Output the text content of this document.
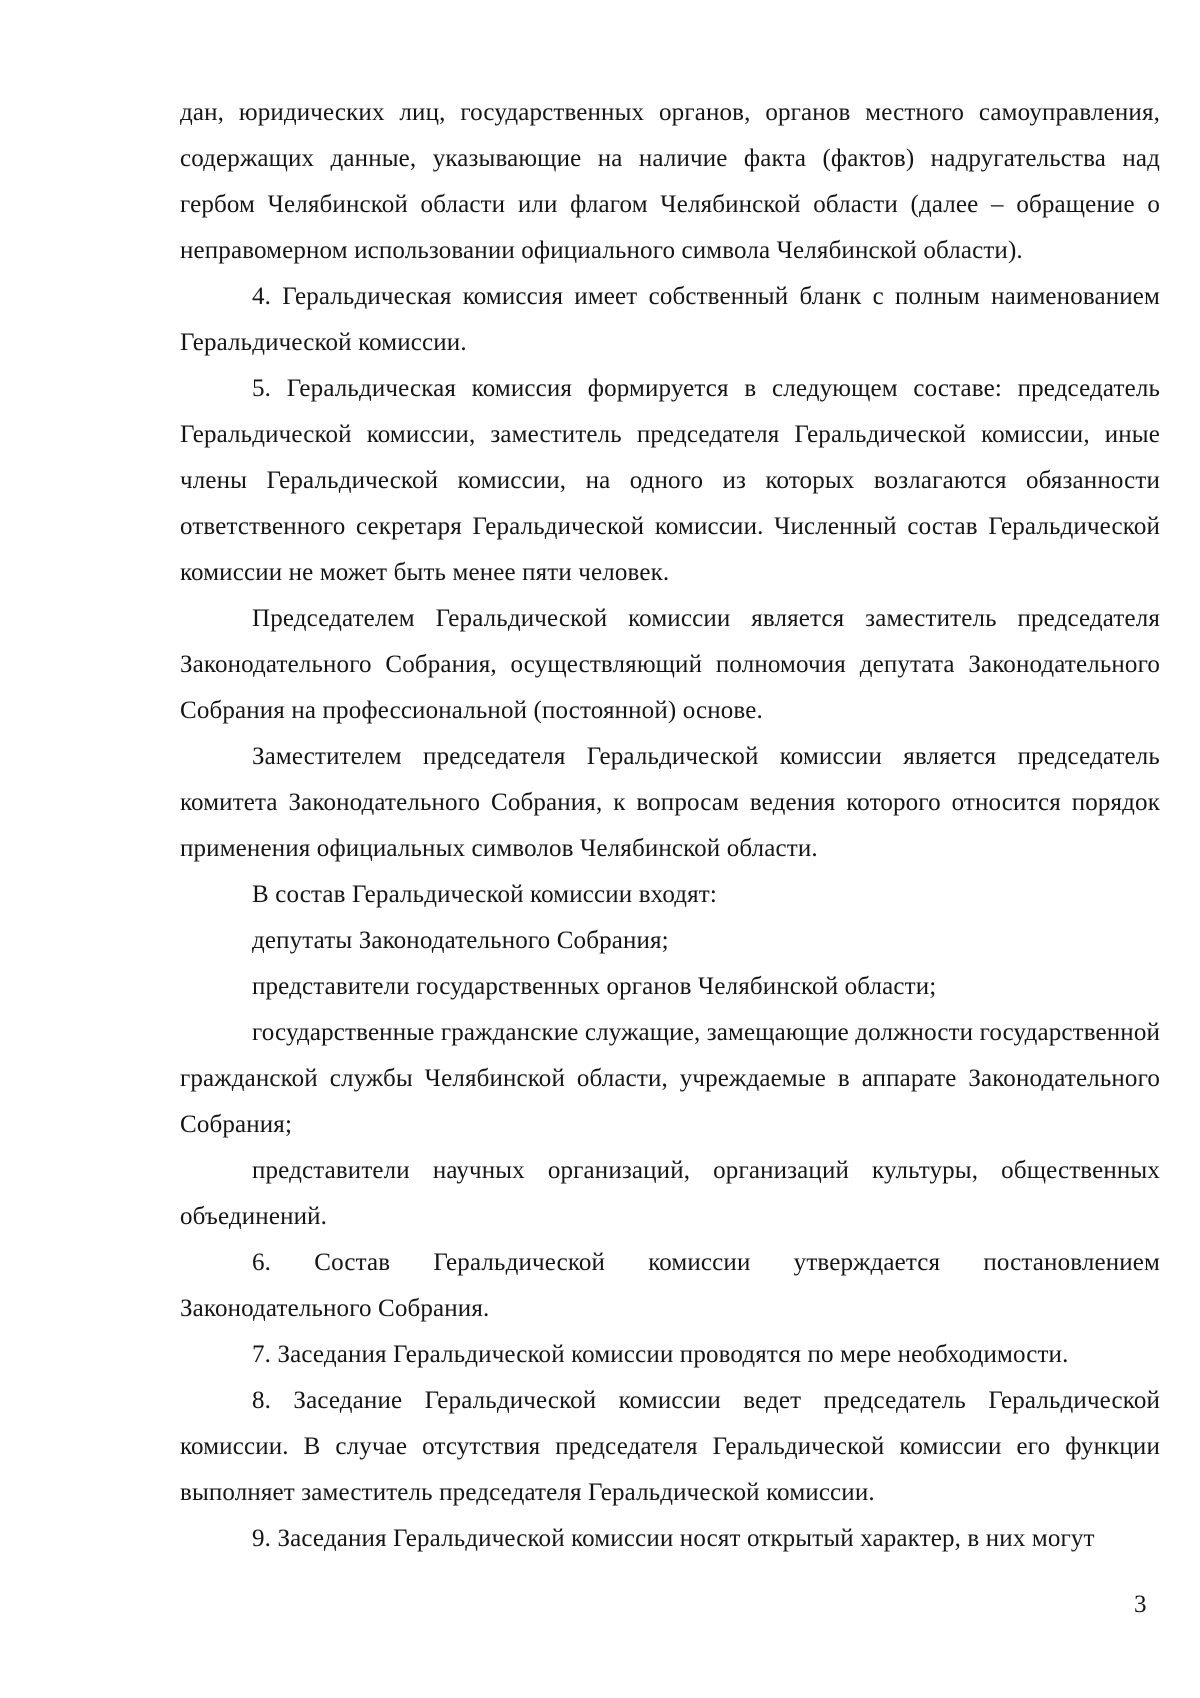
дан, юридических лиц, государственных органов, органов местного самоуправления, содержащих данные, указывающие на наличие факта (фактов) надругательства над гербом Челябинской области или флагом Челябинской области (далее – обращение о неправомерном использовании официального символа Челябинской области).

4. Геральдическая комиссия имеет собственный бланк с полным наименованием Геральдической комиссии.

5. Геральдическая комиссия формируется в следующем составе: председатель Геральдической комиссии, заместитель председателя Геральдической комиссии, иные члены Геральдической комиссии, на одного из которых возлагаются обязанности ответственного секретаря Геральдической комиссии. Численный состав Геральдической комиссии не может быть менее пяти человек.

Председателем Геральдической комиссии является заместитель председателя Законодательного Собрания, осуществляющий полномочия депутата Законодательного Собрания на профессиональной (постоянной) основе.

Заместителем председателя Геральдической комиссии является председатель комитета Законодательного Собрания, к вопросам ведения которого относится порядок применения официальных символов Челябинской области.

В состав Геральдической комиссии входят:

депутаты Законодательного Собрания;

представители государственных органов Челябинской области;

государственные гражданские служащие, замещающие должности государственной гражданской службы Челябинской области, учреждаемые в аппарате Законодательного Собрания;

представители научных организаций, организаций культуры, общественных объединений.

6. Состав Геральдической комиссии утверждается постановлением Законодательного Собрания.

7. Заседания Геральдической комиссии проводятся по мере необходимости.

8. Заседание Геральдической комиссии ведет председатель Геральдической комиссии. В случае отсутствия председателя Геральдической комиссии его функции выполняет заместитель председателя Геральдической комиссии.

9. Заседания Геральдической комиссии носят открытый характер, в них могут

3
